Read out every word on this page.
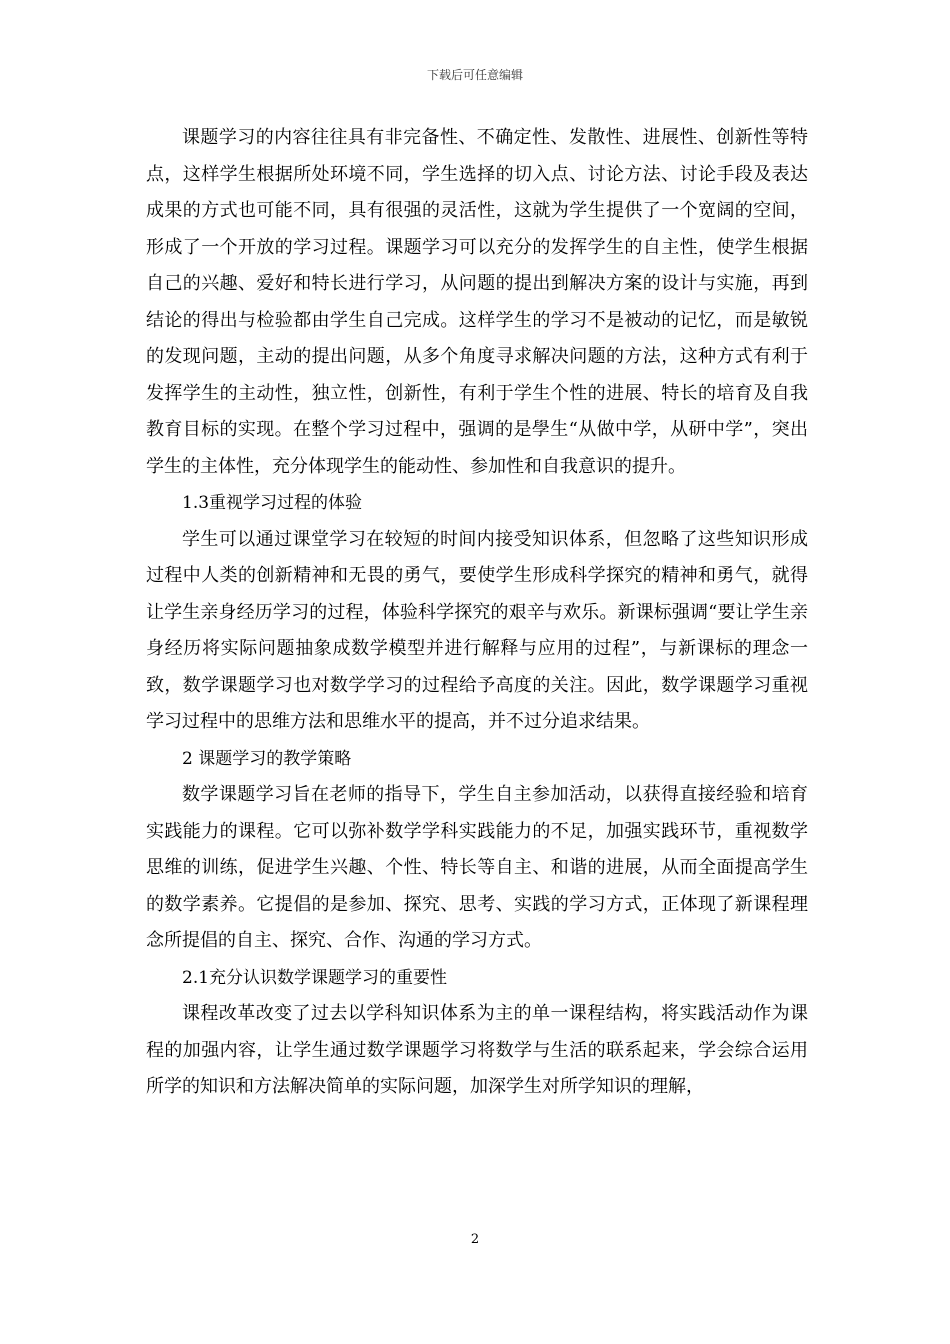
下载后可任意编辑

课题学习的内容往往具有非完备性、不确定性、发散性、进展性、创新性等特点，这样学生根据所处环境不同，学生选择的切入点、讨论方法、讨论手段及表达成果的方式也可能不同，具有很强的灵活性，这就为学生提供了一个宽阔的空间，形成了一个开放的学习过程。课题学习可以充分的发挥学生的自主性，使学生根据自己的兴趣、爱好和特长进行学习，从问题的提出到解决方案的设计与实施，再到结论的得出与检验都由学生自己完成。这样学生的学习不是被动的记忆，而是敏锐的发现问题，主动的提出问题，从多个角度寻求解决问题的方法，这种方式有利于发挥学生的主动性，独立性，创新性，有利于学生个性的进展、特长的培育及自我教育目标的实现。在整个学习过程中，强调的是學生“从做中学，从研中学”，突出学生的主体性，充分体现学生的能动性、参加性和自我意识的提升。

1.3重视学习过程的体验

学生可以通过课堂学习在较短的时间内接受知识体系，但忽略了这些知识形成过程中人类的创新精神和无畏的勇气，要使学生形成科学探究的精神和勇气，就得让学生亲身经历学习的过程，体验科学探究的艰辛与欢乐。新课标强调“要让学生亲身经历将实际问题抽象成数学模型并进行解释与应用的过程”，与新课标的理念一致，数学课题学习也对数学学习的过程给予高度的关注。因此，数学课题学习重视学习过程中的思维方法和思维水平的提高，并不过分追求结果。

2 课题学习的教学策略

数学课题学习旨在老师的指导下，学生自主参加活动，以获得直接经验和培育实践能力的课程。它可以弥补数学学科实践能力的不足，加强实践环节，重视数学思维的训练，促进学生兴趣、个性、特长等自主、和谐的进展，从而全面提高学生的数学素养。它提倡的是参加、探究、思考、实践的学习方式，正体现了新课程理念所提倡的自主、探究、合作、沟通的学习方式。

2.1充分认识数学课题学习的重要性

课程改革改变了过去以学科知识体系为主的单一课程结构，将实践活动作为课程的加强内容，让学生通过数学课题学习将数学与生活的联系起来，学会综合运用所学的知识和方法解决简单的实际问题，加深学生对所学知识的理解，

2
